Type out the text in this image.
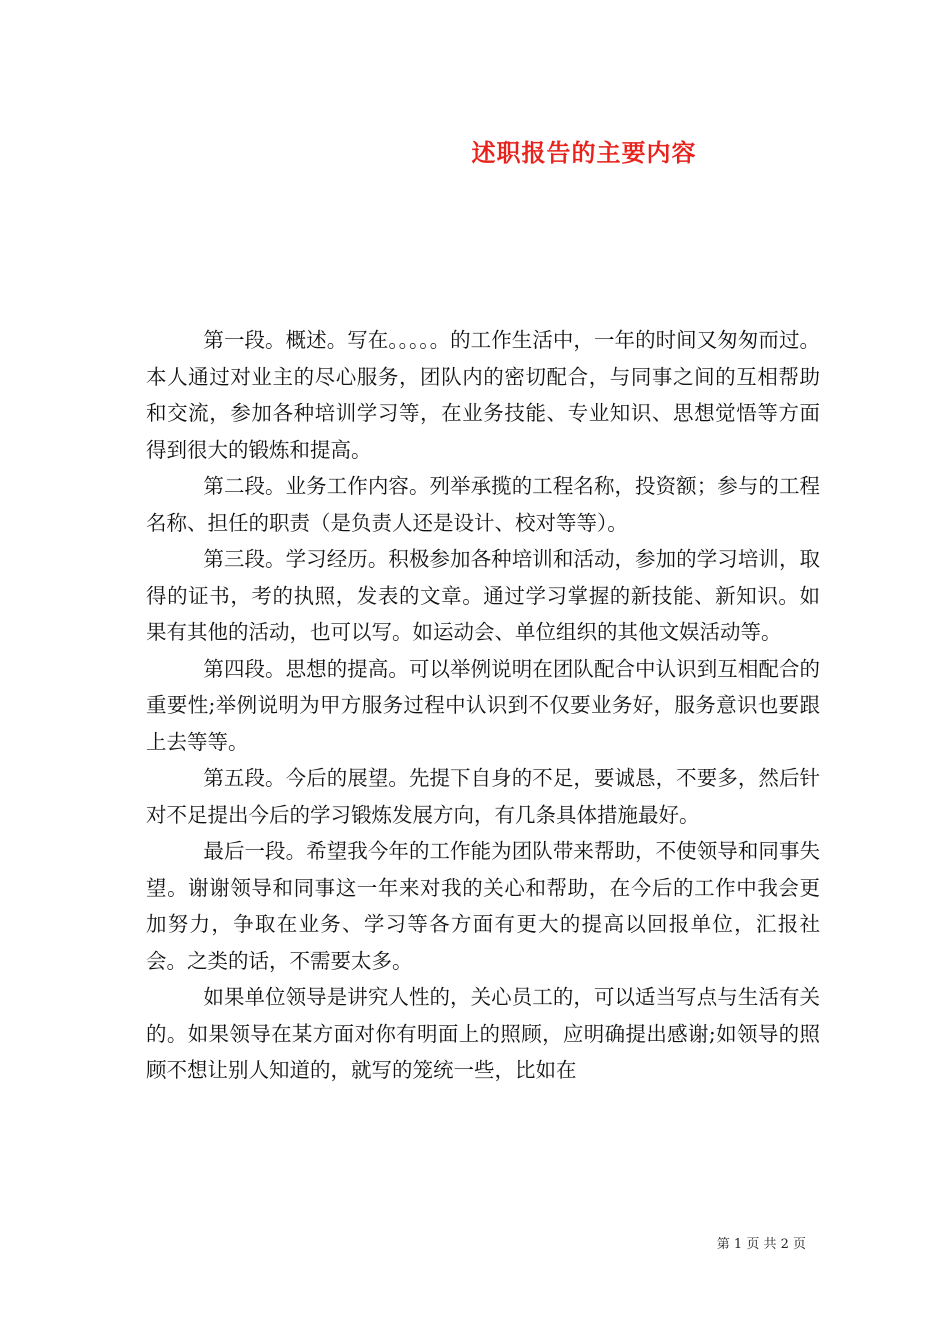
述职报告的主要内容

第一段。概述。写在。。。。。的工作生活中，一年的时间又匆匆而过。本人通过对业主的尽心服务，团队内的密切配合，与同事之间的互相帮助和交流，参加各种培训学习等，在业务技能、专业知识、思想觉悟等方面得到很大的锻炼和提高。

第二段。业务工作内容。列举承揽的工程名称，投资额；参与的工程名称、担任的职责（是负责人还是设计、校对等等）。

第三段。学习经历。积极参加各种培训和活动，参加的学习培训，取得的证书，考的执照，发表的文章。通过学习掌握的新技能、新知识。如果有其他的活动，也可以写。如运动会、单位组织的其他文娱活动等。

第四段。思想的提高。可以举例说明在团队配合中认识到互相配合的重要性;举例说明为甲方服务过程中认识到不仅要业务好，服务意识也要跟上去等等。

第五段。今后的展望。先提下自身的不足，要诚恳，不要多，然后针对不足提出今后的学习锻炼发展方向，有几条具体措施最好。

最后一段。希望我今年的工作能为团队带来帮助，不使领导和同事失望。谢谢领导和同事这一年来对我的关心和帮助，在今后的工作中我会更加努力，争取在业务、学习等各方面有更大的提高以回报单位，汇报社会。之类的话，不需要太多。

如果单位领导是讲究人性的，关心员工的，可以适当写点与生活有关的。如果领导在某方面对你有明面上的照顾，应明确提出感谢;如领导的照顾不想让别人知道的，就写的笼统一些，比如在

第 1 页 共 2 页
